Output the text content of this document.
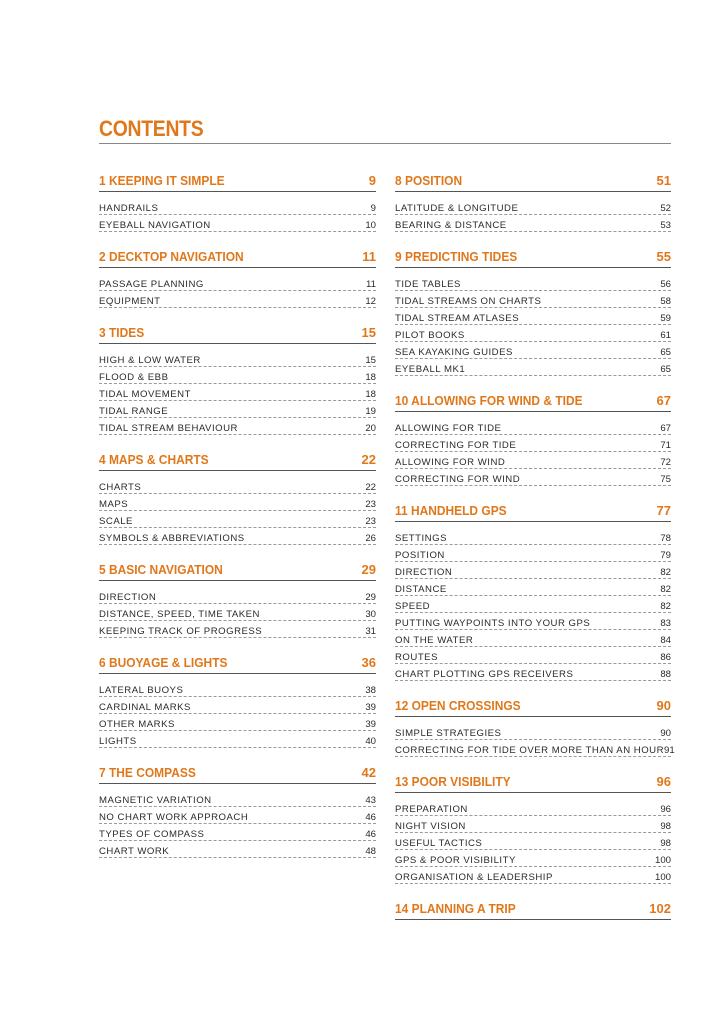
CONTENTS
1 KEEPING IT SIMPLE	9
HANDRAILS	9
EYEBALL NAVIGATION	10
2 DECKTOP NAVIGATION	11
PASSAGE PLANNING	11
EQUIPMENT	12
3 TIDES	15
HIGH & LOW WATER	15
FLOOD & EBB	18
TIDAL MOVEMENT	18
TIDAL RANGE	19
TIDAL STREAM BEHAVIOUR	20
4 MAPS & CHARTS	22
CHARTS	22
MAPS	23
SCALE	23
SYMBOLS & ABBREVIATIONS	26
5 BASIC NAVIGATION	29
DIRECTION	29
DISTANCE, SPEED, TIME TAKEN	30
KEEPING TRACK OF PROGRESS	31
6 BUOYAGE & LIGHTS	36
LATERAL BUOYS	38
CARDINAL MARKS	39
OTHER MARKS	39
LIGHTS	40
7 THE COMPASS	42
MAGNETIC VARIATION	43
NO CHART WORK APPROACH	46
TYPES OF COMPASS	46
CHART WORK	48
8 POSITION	51
LATITUDE & LONGITUDE	52
BEARING & DISTANCE	53
9 PREDICTING TIDES	55
TIDE TABLES	56
TIDAL STREAMS ON CHARTS	58
TIDAL STREAM ATLASES	59
PILOT BOOKS	61
SEA KAYAKING GUIDES	65
EYEBALL MK1	65
10 ALLOWING FOR WIND & TIDE	67
ALLOWING FOR TIDE	67
CORRECTING FOR TIDE	71
ALLOWING FOR WIND	72
CORRECTING FOR WIND	75
11 HANDHELD GPS	77
SETTINGS	78
POSITION	79
DIRECTION	82
DISTANCE	82
SPEED	82
PUTTING WAYPOINTS INTO YOUR GPS	83
ON THE WATER	84
ROUTES	86
CHART PLOTTING GPS RECEIVERS	88
12 OPEN CROSSINGS	90
SIMPLE STRATEGIES	90
CORRECTING FOR TIDE OVER MORE THAN AN HOUR 91
13 POOR VISIBILITY	96
PREPARATION	96
NIGHT VISION	98
USEFUL TACTICS	98
GPS & POOR VISIBILITY	100
ORGANISATION & LEADERSHIP	100
14 PLANNING A TRIP	102
